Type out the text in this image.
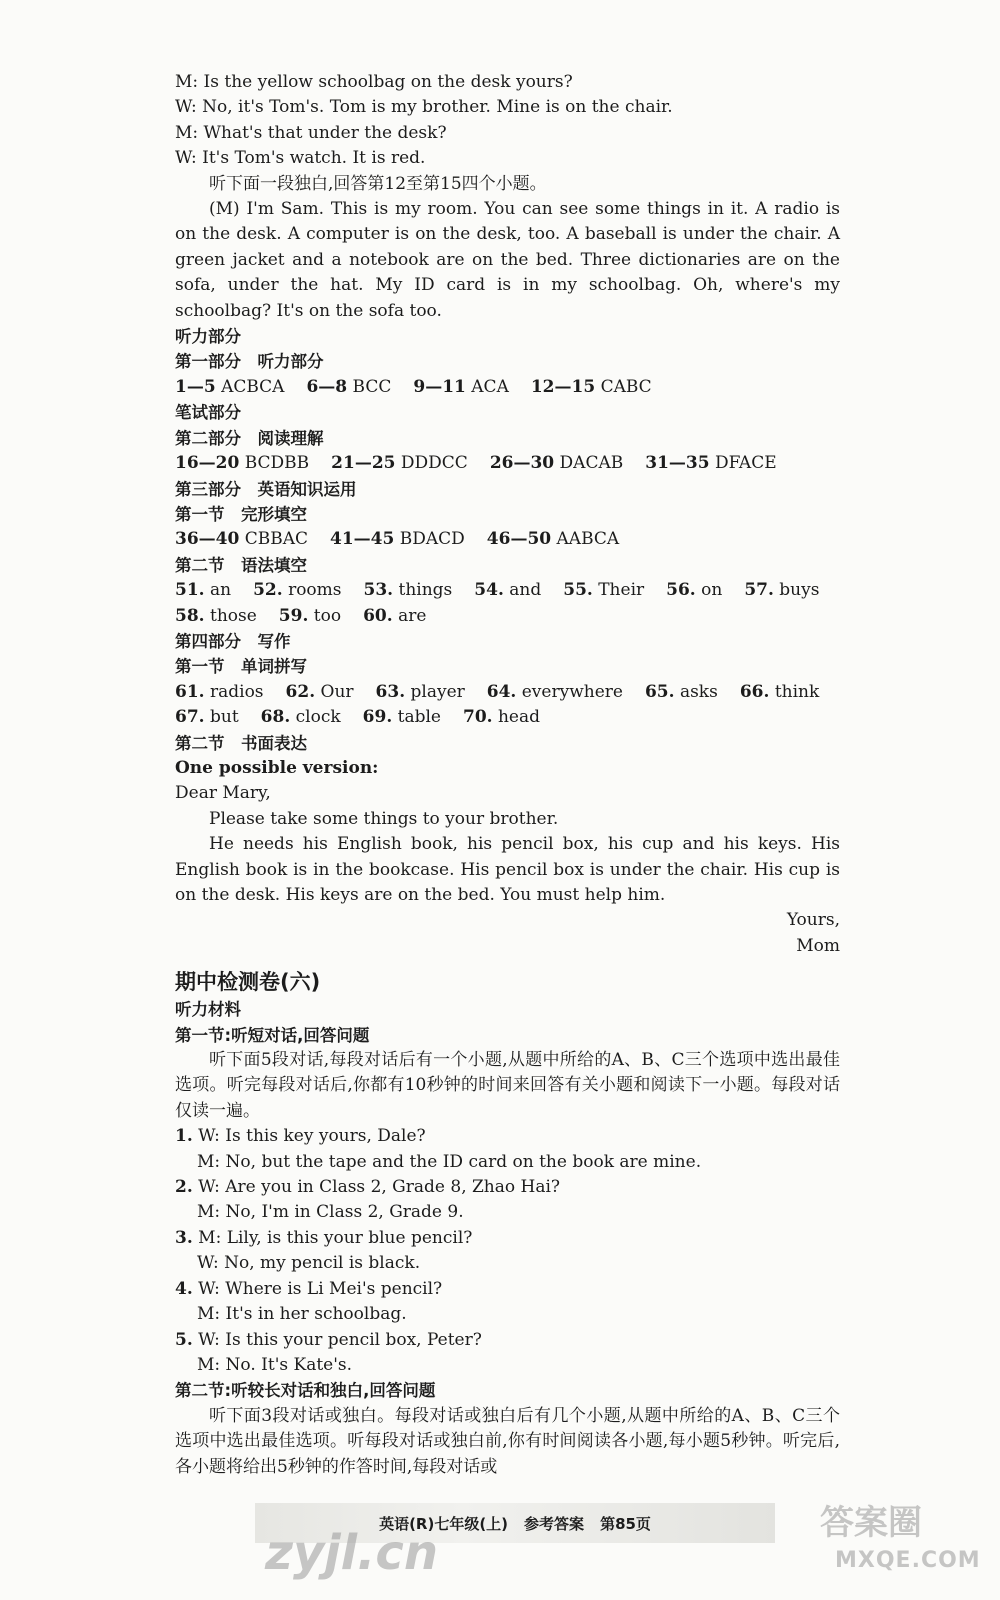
M: Is the yellow schoolbag on the desk yours?
W: No, it's Tom's. Tom is my brother. Mine is on the chair.
M: What's that under the desk?
W: It's Tom's watch. It is red.
听下面一段独白,回答第12至第15四个小题。
(M) I'm Sam. This is my room. You can see some things in it. A radio is on the desk. A computer is on the desk, too. A baseball is under the chair. A green jacket and a notebook are on the bed. Three dictionaries are on the sofa, under the hat. My ID card is in my schoolbag. Oh, where's my schoolbag? It's on the sofa too.
听力部分
第一部分　听力部分
1—5 ACBCA 6—8 BCC 9—11 ACA 12—15 CABC
笔试部分
第二部分　阅读理解
16—20 BCDBB 21—25 DDDCC 26—30 DACAB 31—35 DFACE
第三部分　英语知识运用
第一节　完形填空
36—40 CBBAC 41—45 BDACD 46—50 AABCA
第二节　语法填空
51. an 52. rooms 53. things 54. and 55. Their 56. on 57. buys
58. those 59. too 60. are
第四部分　写作
第一节　单词拼写
61. radios 62. Our 63. player 64. everywhere 65. asks 66. think
67. but 68. clock 69. table 70. head
第二节　书面表达
One possible version:
Dear Mary,
Please take some things to your brother.
He needs his English book, his pencil box, his cup and his keys. His English book is in the bookcase. His pencil box is under the chair. His cup is on the desk. His keys are on the bed. You must help him.
Yours,
Mom
期中检测卷(六)
听力材料
第一节:听短对话,回答问题
听下面5段对话,每段对话后有一个小题,从题中所给的A、B、C三个选项中选出最佳选项。听完每段对话后,你都有10秒钟的时间来回答有关小题和阅读下一小题。每段对话仅读一遍。
1. W: Is this key yours, Dale?
M: No, but the tape and the ID card on the book are mine.
2. W: Are you in Class 2, Grade 8, Zhao Hai?
M: No, I'm in Class 2, Grade 9.
3. M: Lily, is this your blue pencil?
W: No, my pencil is black.
4. W: Where is Li Mei's pencil?
M: It's in her schoolbag.
5. W: Is this your pencil box, Peter?
M: No. It's Kate's.
第二节:听较长对话和独白,回答问题
听下面3段对话或独白。每段对话或独白后有几个小题,从题中所给的A、B、C三个选项中选出最佳选项。听每段对话或独白前,你有时间阅读各小题,每小题5秒钟。听完后,各小题将给出5秒钟的作答时间,每段对话或
英语(R)七年级(上) 参考答案 第85页
zyjl.cn
答案圈
MXQE.COM
